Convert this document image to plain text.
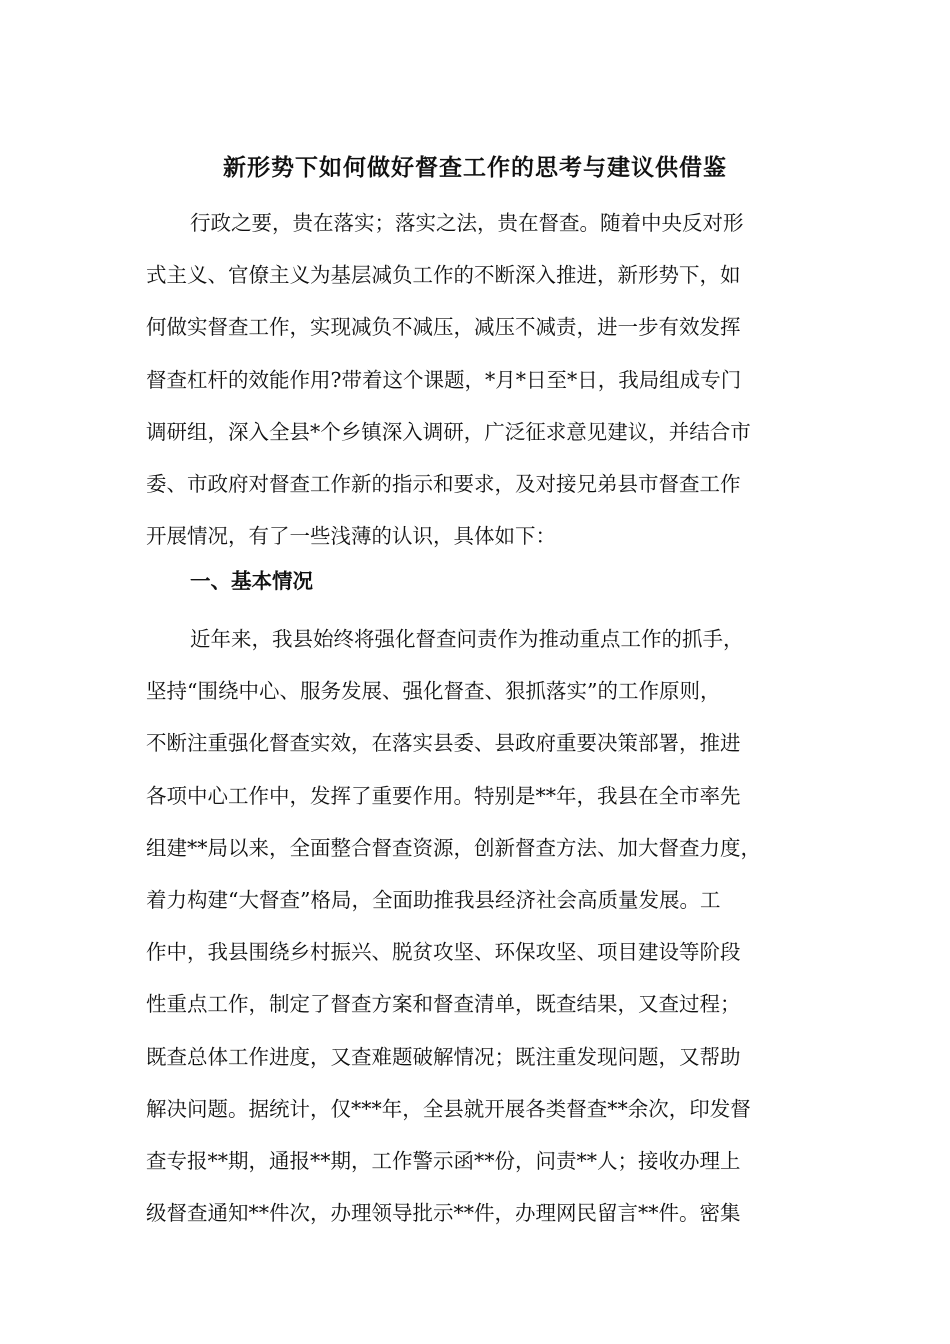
新形势下如何做好督查工作的思考与建议供借鉴
行政之要，贵在落实；落实之法，贵在督查。随着中央反对形
式主义、官僚主义为基层减负工作的不断深入推进，新形势下，如
何做实督查工作，实现减负不减压，减压不减责，进一步有效发挥
督查杠杆的效能作用?带着这个课题，*月*日至*日，我局组成专门
调研组，深入全县*个乡镇深入调研，广泛征求意见建议，并结合市
委、市政府对督查工作新的指示和要求，及对接兄弟县市督查工作
开展情况，有了一些浅薄的认识，具体如下：
一、基本情况
近年来，我县始终将强化督查问责作为推动重点工作的抓手，
坚持“围绕中心、服务发展、强化督查、狠抓落实”的工作原则，
不断注重强化督查实效，在落实县委、县政府重要决策部署，推进
各项中心工作中，发挥了重要作用。特别是**年，我县在全市率先
组建**局以来，全面整合督查资源，创新督查方法、加大督查力度，
着力构建“大督查”格局，全面助推我县经济社会高质量发展。工
作中，我县围绕乡村振兴、脱贫攻坚、环保攻坚、项目建设等阶段
性重点工作，制定了督查方案和督查清单，既查结果，又查过程；
既查总体工作进度，又查难题破解情况；既注重发现问题，又帮助
解决问题。据统计，仅***年，全县就开展各类督查**余次，印发督
查专报**期，通报**期，工作警示函**份，问责**人；接收办理上
级督查通知**件次，办理领导批示**件，办理网民留言**件。密集
